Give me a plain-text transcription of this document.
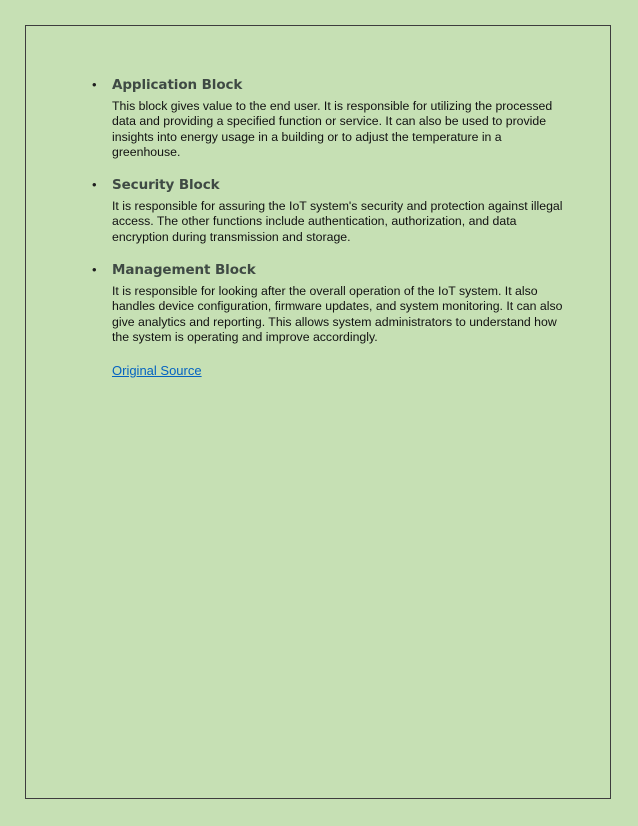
•	Application Block
This block gives value to the end user. It is responsible for utilizing the processed data and providing a specified function or service. It can also be used to provide insights into energy usage in a building or to adjust the temperature in a greenhouse.
•	Security Block
It is responsible for assuring the IoT system's security and protection against illegal access. The other functions include authentication, authorization, and data encryption during transmission and storage.
•	Management Block
It is responsible for looking after the overall operation of the IoT system. It also handles device configuration, firmware updates, and system monitoring. It can also give analytics and reporting. This allows system administrators to understand how the system is operating and improve accordingly.
Original Source
